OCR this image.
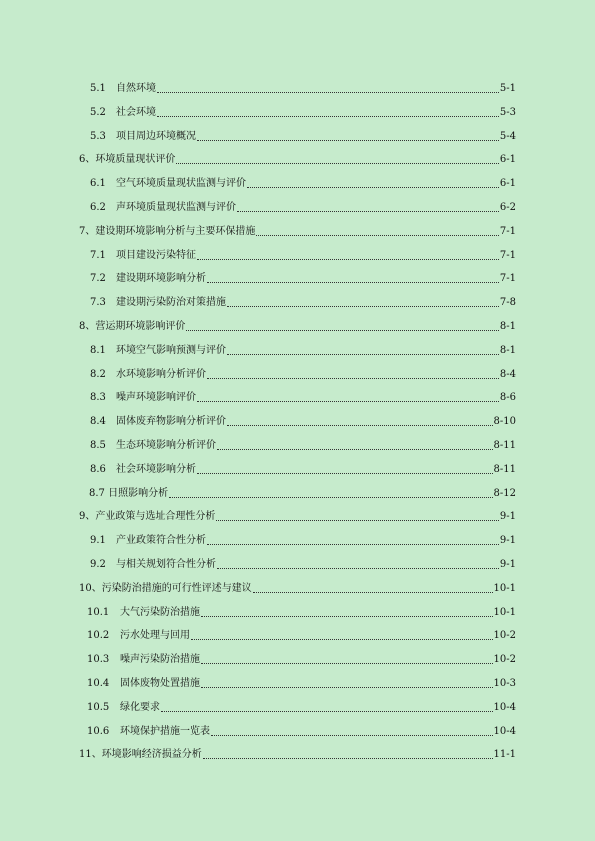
5.1 自然环境	5-1
5.2 社会环境	5-3
5.3 项目周边环境概况	5-4
6、环境质量现状评价	6-1
6.1 空气环境质量现状监测与评价	6-1
6.2 声环境质量现状监测与评价	6-2
7、建设期环境影响分析与主要环保措施	7-1
7.1 项目建设污染特征	7-1
7.2 建设期环境影响分析	7-1
7.3 建设期污染防治对策措施	7-8
8、营运期环境影响评价	8-1
8.1 环境空气影响预测与评价	8-1
8.2 水环境影响分析评价	8-4
8.3 噪声环境影响评价	8-6
8.4 固体废弃物影响分析评价	8-10
8.5 生态环境影响分析评价	8-11
8.6 社会环境影响分析	8-11
8.7 日照影响分析	8-12
9、产业政策与选址合理性分析	9-1
9.1 产业政策符合性分析	9-1
9.2 与相关规划符合性分析	9-1
10、污染防治措施的可行性评述与建议	10-1
10.1 大气污染防治措施	10-1
10.2 污水处理与回用	10-2
10.3 噪声污染防治措施	10-2
10.4 固体废物处置措施	10-3
10.5 绿化要求	10-4
10.6 环境保护措施一览表	10-4
11、环境影响经济损益分析	11-1
